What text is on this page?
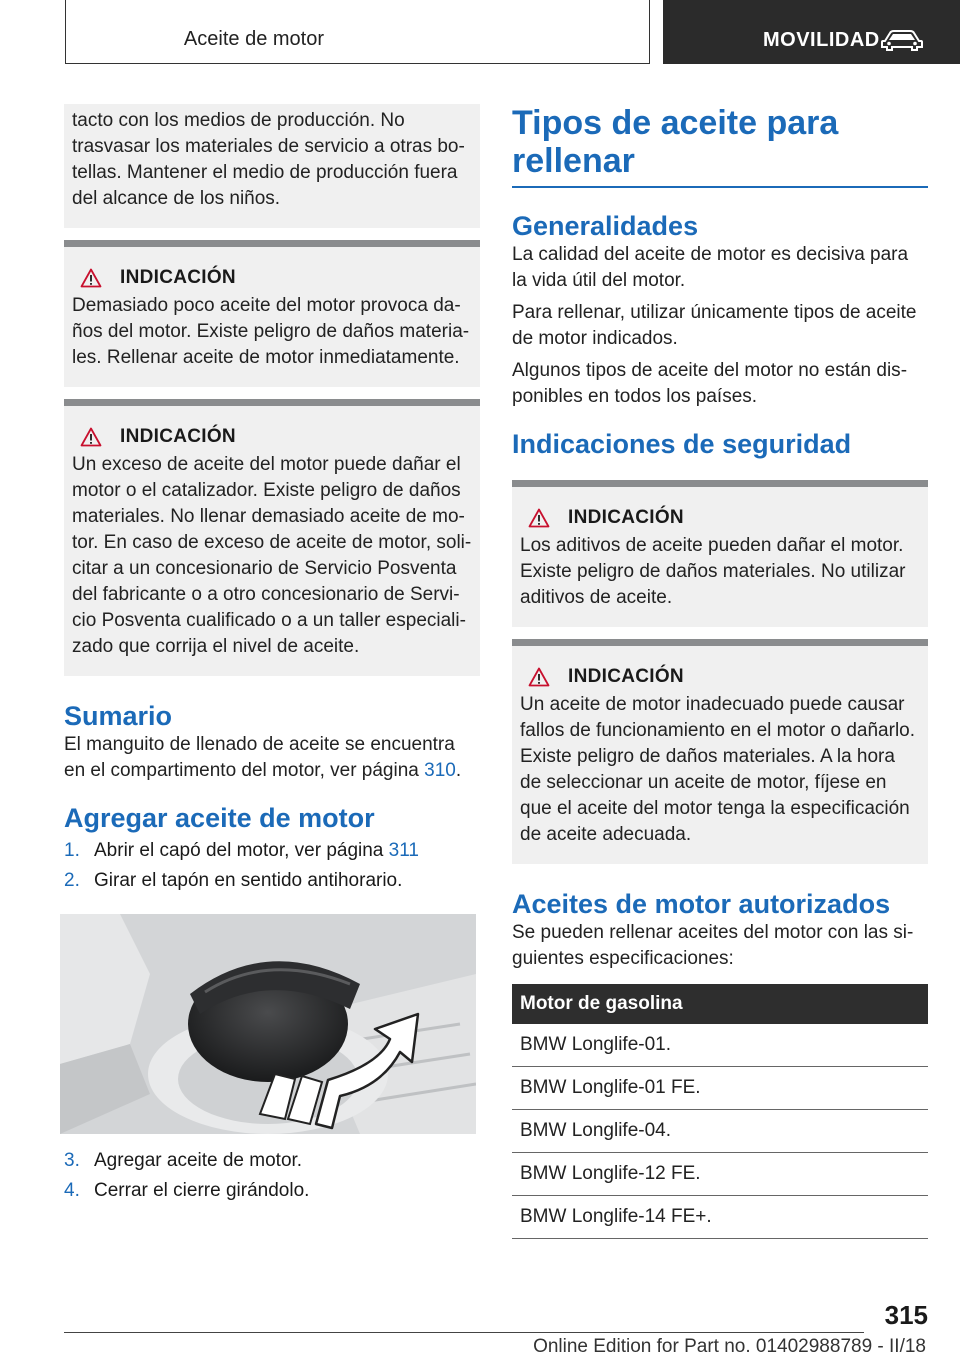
Aceite de motor	MOVILIDAD

tacto con los medios de producción. No trasvasar los materiales de servicio a otras botellas. Mantener el medio de producción fuera del alcance de los niños.

INDICACIÓN

Demasiado poco aceite del motor provoca daños del motor. Existe peligro de daños materiales. Rellenar aceite de motor inmediatamente.

INDICACIÓN

Un exceso de aceite del motor puede dañar el motor o el catalizador. Existe peligro de daños materiales. No llenar demasiado aceite de motor. En caso de exceso de aceite de motor, solicitar a un concesionario de Servicio Posventa del fabricante o a otro concesionario de Servicio Posventa cualificado o a un taller especializado que corrija el nivel de aceite.

Sumario

El manguito de llenado de aceite se encuentra en el compartimento del motor, ver página 310.

Agregar aceite de motor
1. Abrir el capó del motor, ver página 311
2. Girar el tapón en sentido antihorario.
3. Agregar aceite de motor.
4. Cerrar el cierre girándolo.
Tipos de aceite para rellenar
Generalidades

La calidad del aceite de motor es decisiva para la vida útil del motor.

Para rellenar, utilizar únicamente tipos de aceite de motor indicados.

Algunos tipos de aceite del motor no están disponibles en todos los países.

Indicaciones de seguridad
INDICACIÓN

Los aditivos de aceite pueden dañar el motor. Existe peligro de daños materiales. No utilizar aditivos de aceite.

INDICACIÓN

Un aceite de motor inadecuado puede causar fallos de funcionamiento en el motor o dañarlo. Existe peligro de daños materiales. A la hora de seleccionar un aceite de motor, fíjese en que el aceite del motor tenga la especificación de aceite adecuada.

Aceites de motor autorizados

Se pueden rellenar aceites del motor con las siguientes especificaciones:

Motor de gasolina
BMW Longlife-01.
BMW Longlife-01 FE.
BMW Longlife-04.
BMW Longlife-12 FE.
BMW Longlife-14 FE+.
315
Online Edition for Part no. 01402988789 - II/18
